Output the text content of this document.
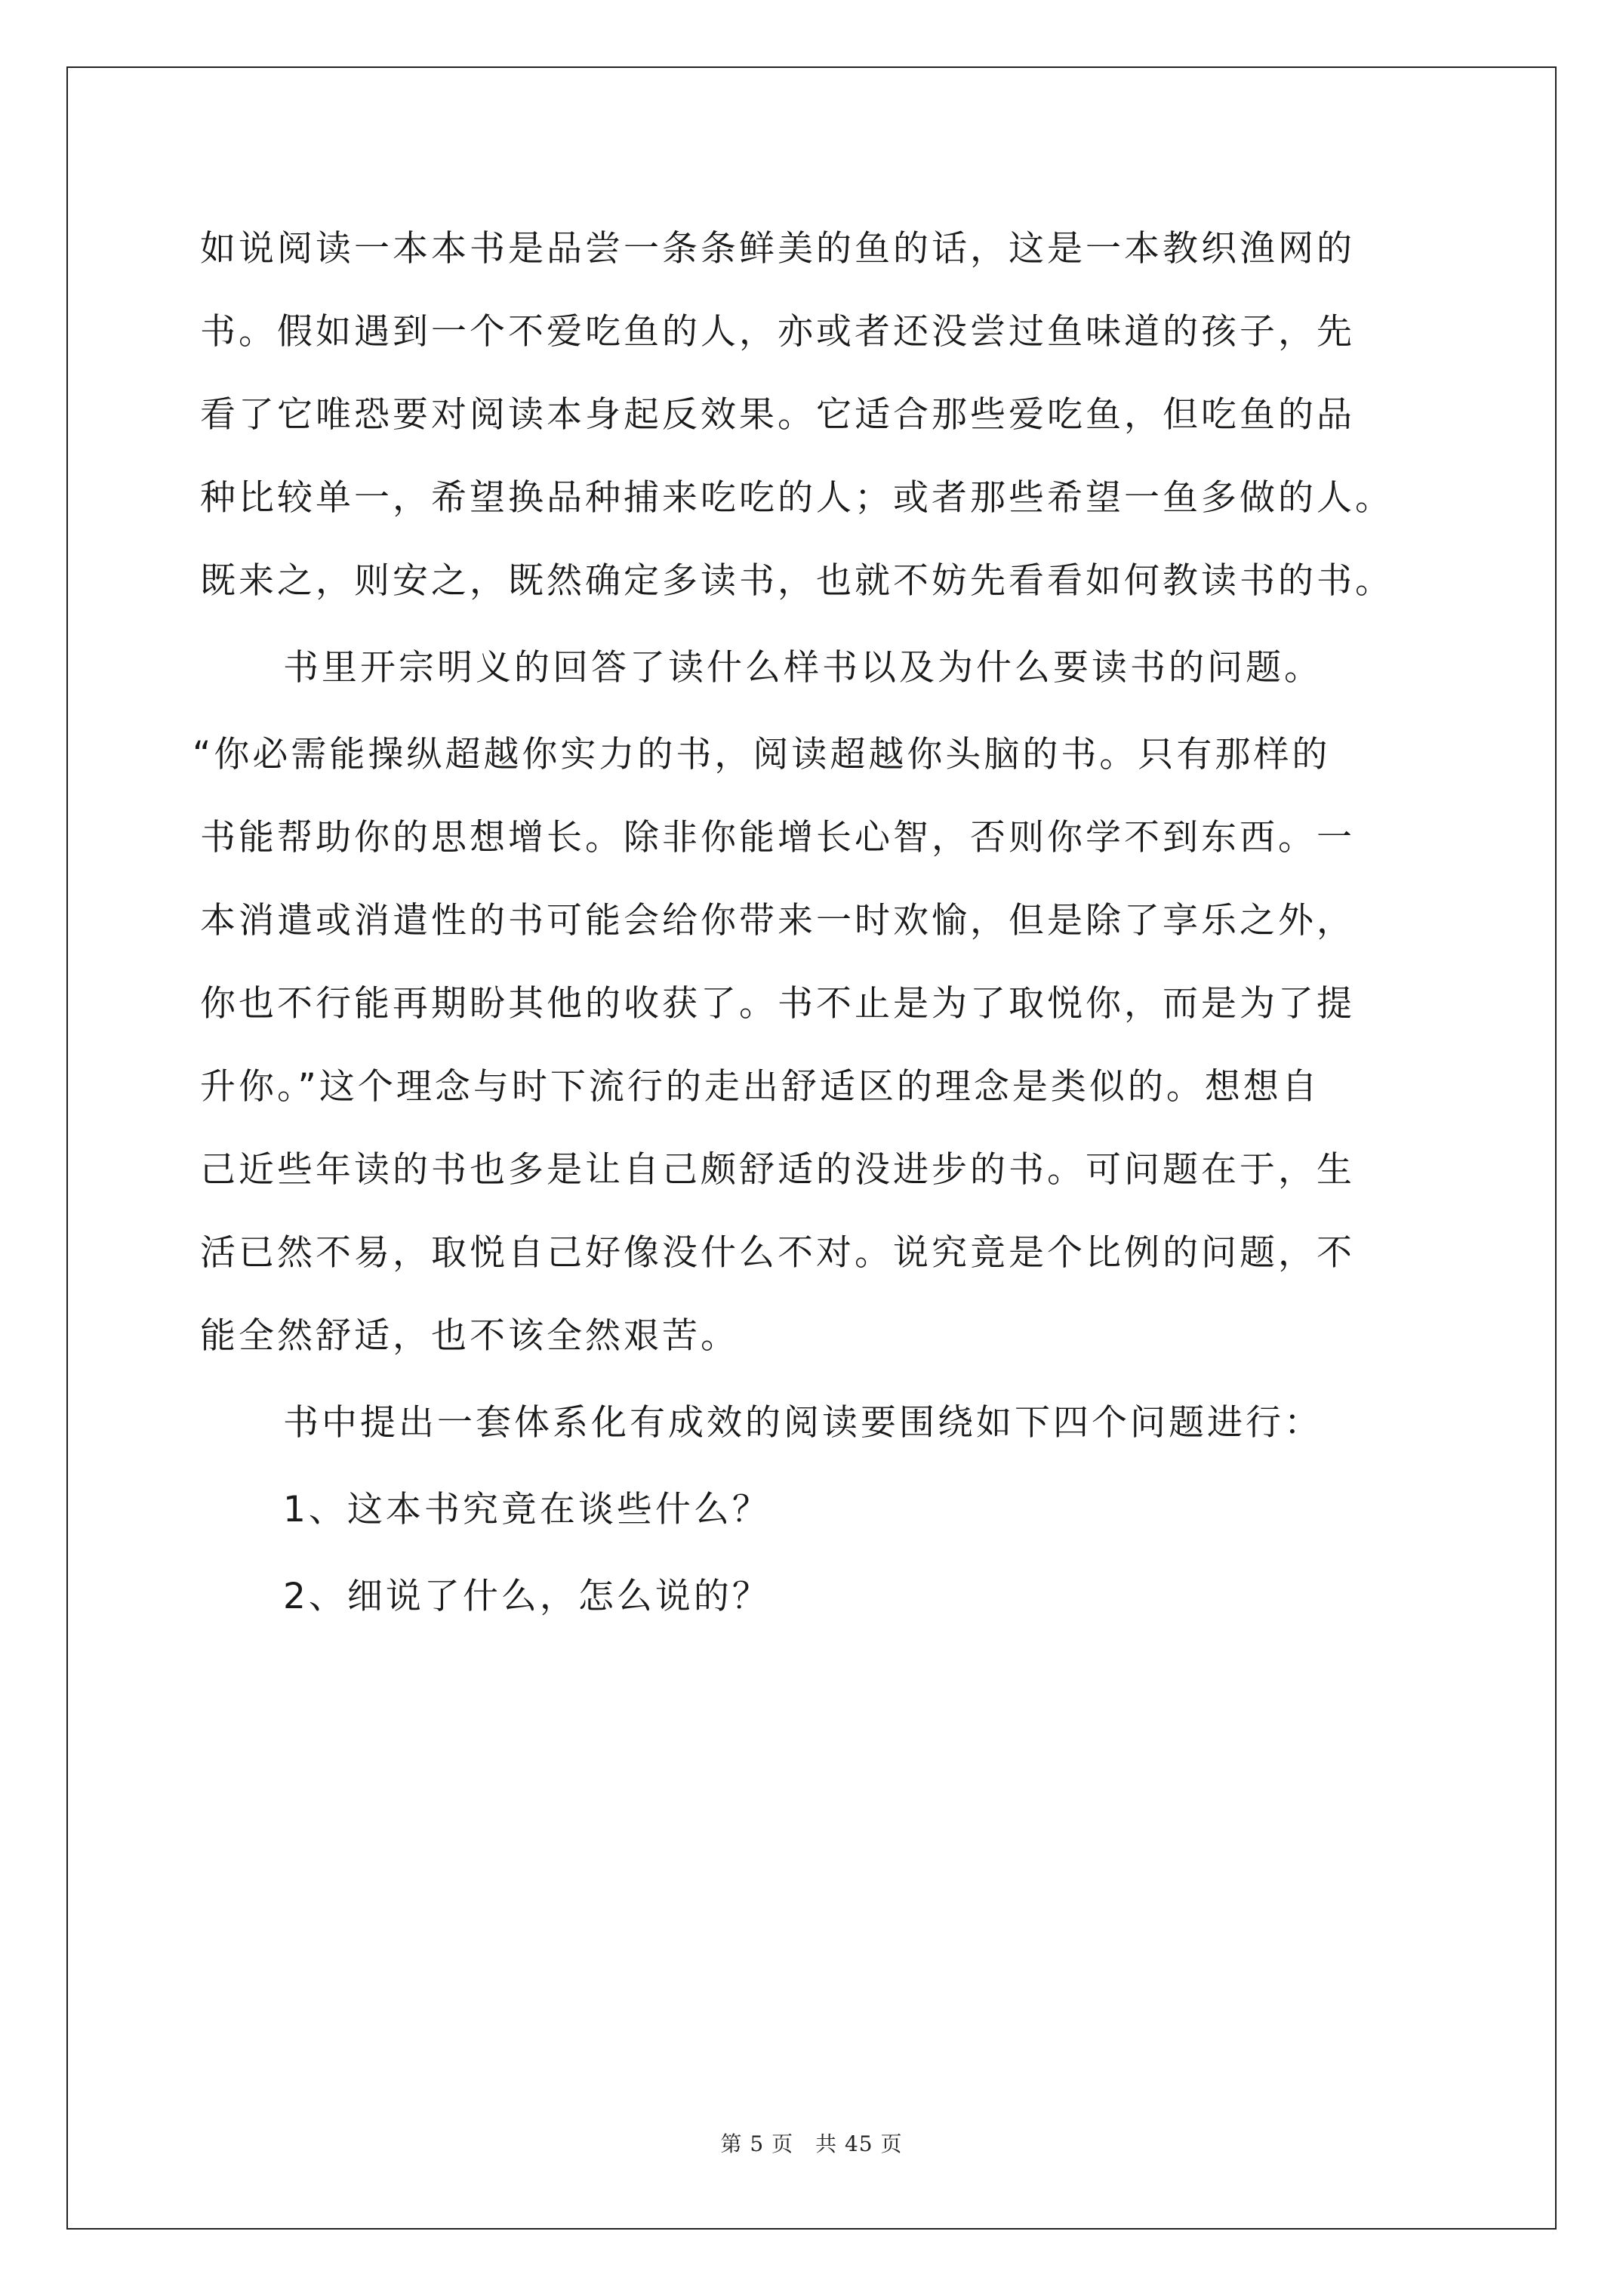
如说阅读一本本书是品尝一条条鲜美的鱼的话，这是一本教织渔网的
书。假如遇到一个不爱吃鱼的人，亦或者还没尝过鱼味道的孩子，先
看了它唯恐要对阅读本身起反效果。它适合那些爱吃鱼，但吃鱼的品
种比较单一，希望换品种捕来吃吃的人；或者那些希望一鱼多做的人。
既来之，则安之，既然确定多读书，也就不妨先看看如何教读书的书。
书里开宗明义的回答了读什么样书以及为什么要读书的问题。
“你必需能操纵超越你实力的书，阅读超越你头脑的书。只有那样的
书能帮助你的思想增长。除非你能增长心智，否则你学不到东西。一
本消遣或消遣性的书可能会给你带来一时欢愉，但是除了享乐之外，
你也不行能再期盼其他的收获了。书不止是为了取悦你，而是为了提
升你。”这个理念与时下流行的走出舒适区的理念是类似的。想想自
己近些年读的书也多是让自己颇舒适的没进步的书。可问题在于，生
活已然不易，取悦自己好像没什么不对。说究竟是个比例的问题，不
能全然舒适，也不该全然艰苦。
书中提出一套体系化有成效的阅读要围绕如下四个问题进行：
1、这本书究竟在谈些什么？
2、细说了什么，怎么说的？
第 5 页　共 45 页
